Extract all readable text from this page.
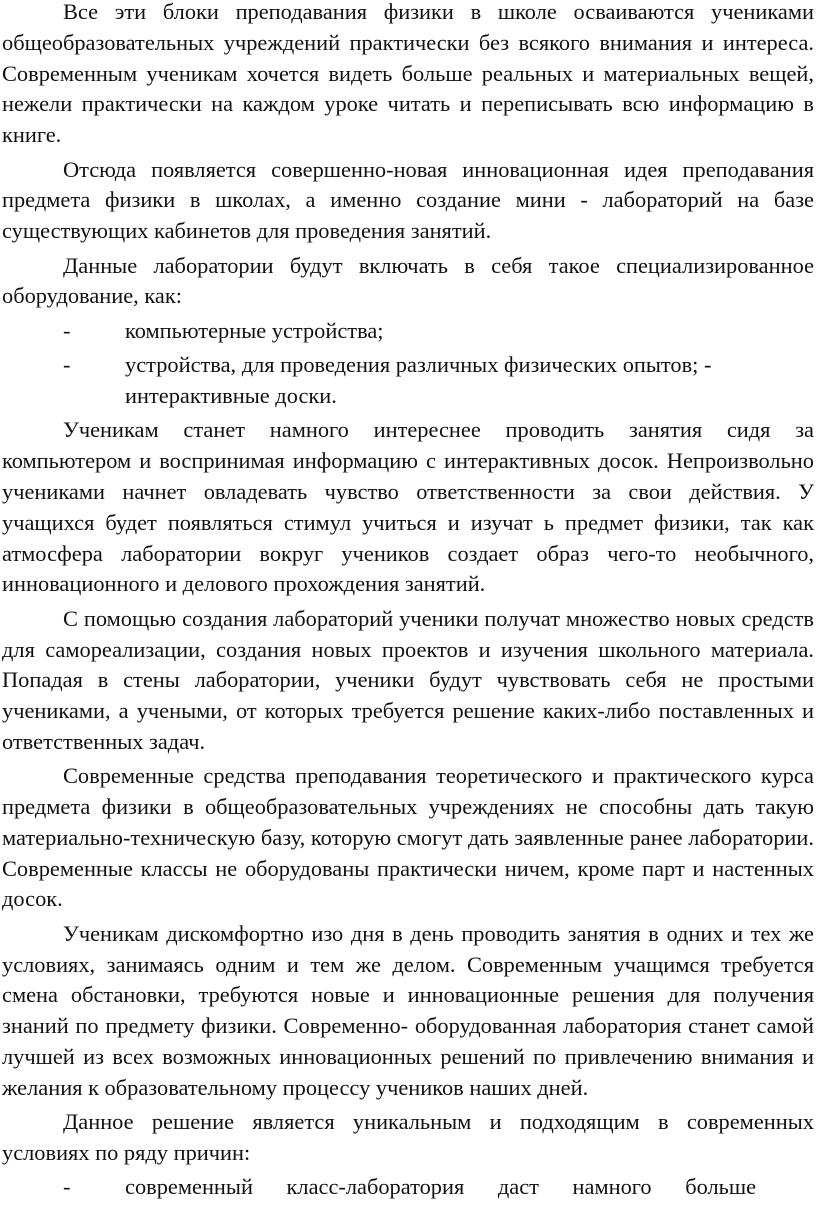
Все эти блоки преподавания физики в школе осваиваются учениками общеобразовательных учреждений практически без всякого внимания и интереса. Современным ученикам хочется видеть больше реальных и материальных вещей, нежели практически на каждом уроке читать и переписывать всю информацию в книге.

Отсюда появляется совершенно-новая инновационная идея преподавания предмета физики в школах, а именно создание мини - лабораторий на базе существующих кабинетов для проведения занятий.

Данные лаборатории будут включать в себя такое специализированное оборудование, как:

-	компьютерные устройства;
-	устройства, для проведения различных физических опытов; - интерактивные доски.

Ученикам станет намного интереснее проводить занятия сидя за компьютером и воспринимая информацию с интерактивных досок. Непроизвольно учениками начнет овладевать чувство ответственности за свои действия. У учащихся будет появляться стимул учиться и изучат ь предмет физики, так как атмосфера лаборатории вокруг учеников создает образ чего-то необычного, инновационного и делового прохождения занятий.

С помощью создания лабораторий ученики получат множество новых средств для самореализации, создания новых проектов и изучения школьного материала. Попадая в стены лаборатории, ученики будут чувствовать себя не простыми учениками, а учеными, от которых требуется решение каких-либо поставленных и ответственных задач.

Современные средства преподавания теоретического и практического курса предмета физики в общеобразовательных учреждениях не способны дать такую материально-техническую базу, которую смогут дать заявленные ранее лаборатории. Современные классы не оборудованы практически ничем, кроме парт и настенных досок.

Ученикам дискомфортно изо дня в день проводить занятия в одних и тех же условиях, занимаясь одним и тем же делом. Современным учащимся требуется смена обстановки, требуются новые и инновационные решения для получения знаний по предмету физики. Современно- оборудованная лаборатория станет самой лучшей из всех возможных инновационных решений по привлечению внимания и желания к образовательному процессу учеников наших дней.

Данное решение является уникальным и подходящим в современных условиях по ряду причин:

-	современный класс-лаборатория даст намного больше
